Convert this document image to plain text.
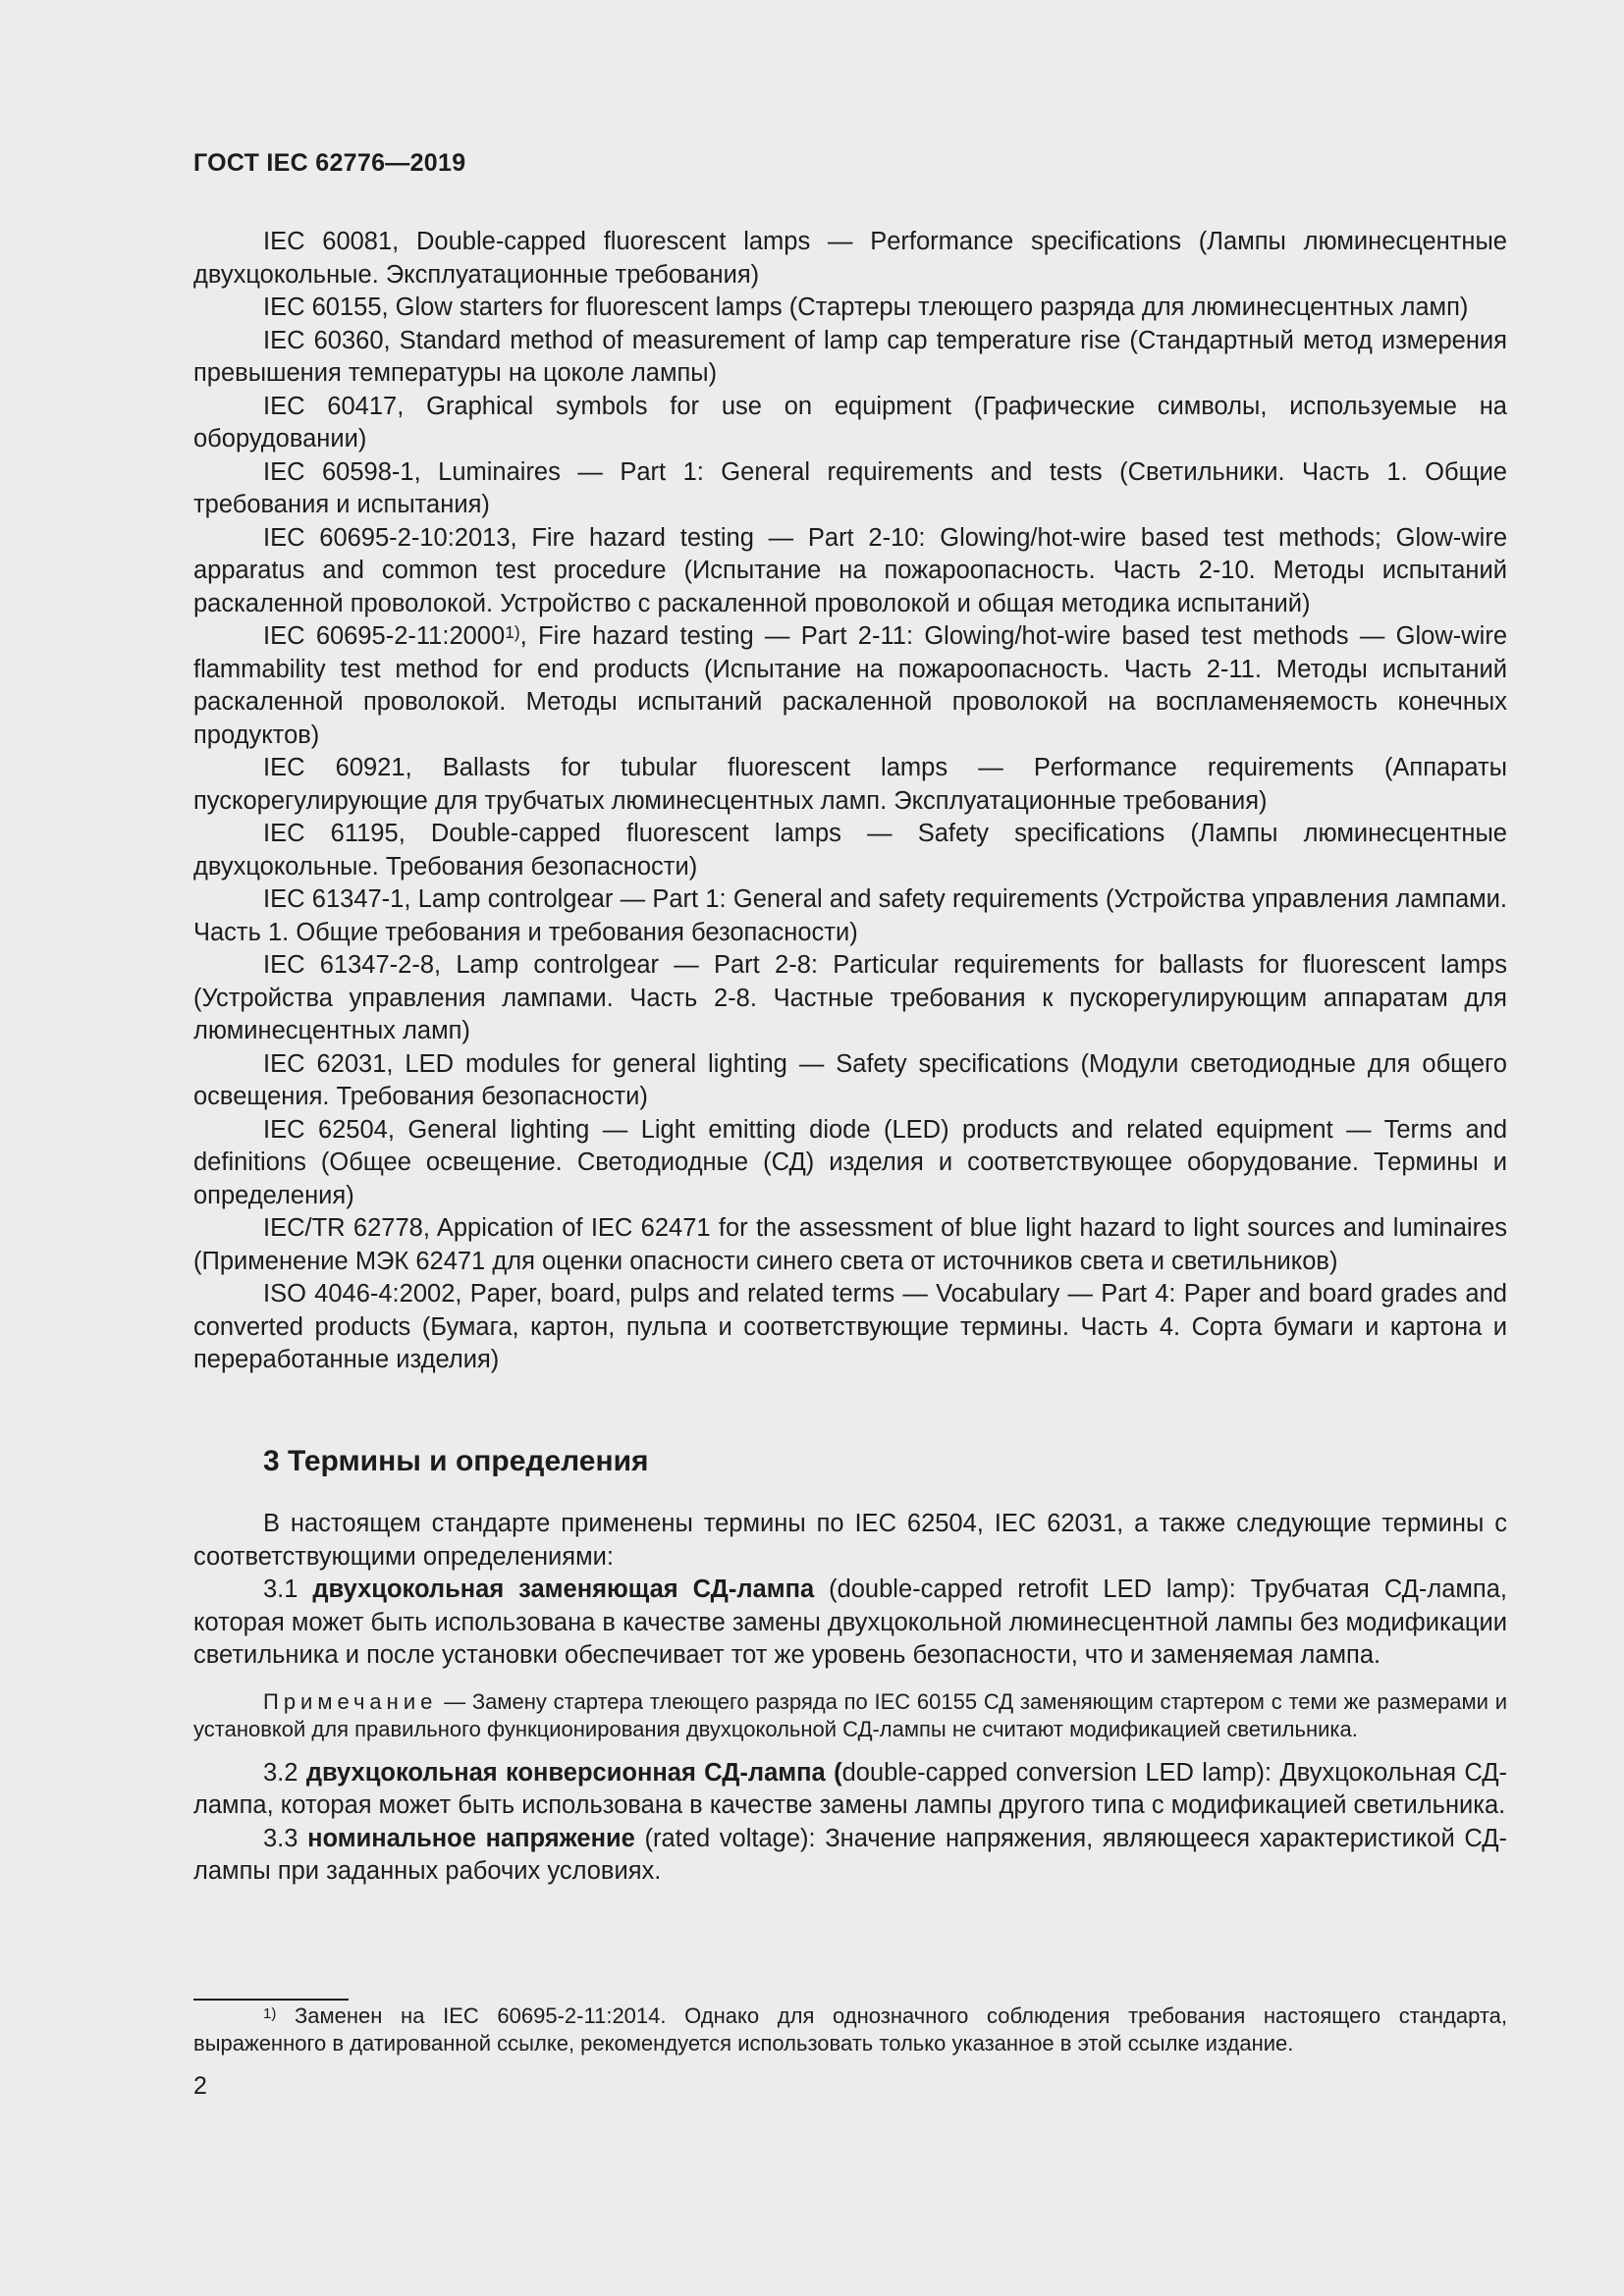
ГОСТ IEC 62776—2019

IEC 60081, Double-capped fluorescent lamps — Performance specifications (Лампы люминесцентные двухцокольные. Эксплуатационные требования)

IEC 60155, Glow starters for fluorescent lamps (Стартеры тлеющего разряда для люминесцентных ламп)

IEC 60360, Standard method of measurement of lamp cap temperature rise (Стандартный метод измерения превышения температуры на цоколе лампы)

IEC 60417, Graphical symbols for use on equipment (Графические символы, используемые на оборудовании)

IEC 60598-1, Luminaires — Part 1: General requirements and tests (Светильники. Часть 1. Общие требования и испытания)

IEC 60695-2-10:2013, Fire hazard testing — Part 2-10: Glowing/hot-wire based test methods; Glow-wire apparatus and common test procedure (Испытание на пожароопасность. Часть 2-10. Методы испытаний раскаленной проволокой. Устройство с раскаленной проволокой и общая методика испытаний)

IEC 60695-2-11:2000$^{1)}$, Fire hazard testing — Part 2-11: Glowing/hot-wire based test methods — Glow-wire flammability test method for end products (Испытание на пожароопасность. Часть 2-11. Методы испытаний раскаленной проволокой. Методы испытаний раскаленной проволокой на воспламеняемость конечных продуктов)

IEC 60921, Ballasts for tubular fluorescent lamps — Performance requirements (Аппараты пускорегулирующие для трубчатых люминесцентных ламп. Эксплуатационные требования)

IEC 61195, Double-capped fluorescent lamps — Safety specifications (Лампы люминесцентные двухцокольные. Требования безопасности)

IEC 61347-1, Lamp controlgear — Part 1: General and safety requirements (Устройства управления лампами. Часть 1. Общие требования и требования безопасности)

IEC 61347-2-8, Lamp controlgear — Part 2-8: Particular requirements for ballasts for fluorescent lamps (Устройства управления лампами. Часть 2-8. Частные требования к пускорегулирующим аппаратам для люминесцентных ламп)

IEC 62031, LED modules for general lighting — Safety specifications (Модули светодиодные для общего освещения. Требования безопасности)

IEC 62504, General lighting — Light emitting diode (LED) products and related equipment — Terms and definitions (Общее освещение. Светодиодные (СД) изделия и соответствующее оборудование. Термины и определения)

IEC/TR 62778, Appication of IEC 62471 for the assessment of blue light hazard to light sources and luminaires (Применение МЭК 62471 для оценки опасности синего света от источников света и светильников)

ISO 4046-4:2002, Paper, board, pulps and related terms — Vocabulary — Part 4: Paper and board grades and converted products (Бумага, картон, пульпа и соответствующие термины. Часть 4. Сорта бумаги и картона и переработанные изделия)

3 Термины и определения

В настоящем стандарте применены термины по IEC 62504, IEC 62031, а также следующие термины с соответствующими определениями:

3.1 двухцокольная заменяющая СД-лампа (double-capped retrofit LED lamp): Трубчатая СД-лампа, которая может быть использована в качестве замены двухцокольной люминесцентной лампы без модификации светильника и после установки обеспечивает тот же уровень безопасности, что и заменяемая лампа.

Примечание — Замену стартера тлеющего разряда по IEC 60155 СД заменяющим стартером с теми же размерами и установкой для правильного функционирования двухцокольной СД-лампы не считают модификацией светильника.

3.2 двухцокольная конверсионная СД-лампа (double-capped conversion LED lamp): Двухцокольная СД-лампа, которая может быть использована в качестве замены лампы другого типа с модификацией светильника.

3.3 номинальное напряжение (rated voltage): Значение напряжения, являющееся характеристикой СД-лампы при заданных рабочих условиях.

$^{1)}$ Заменен на IEC 60695-2-11:2014. Однако для однозначного соблюдения требования настоящего стандарта, выраженного в датированной ссылке, рекомендуется использовать только указанное в этой ссылке издание.

2
